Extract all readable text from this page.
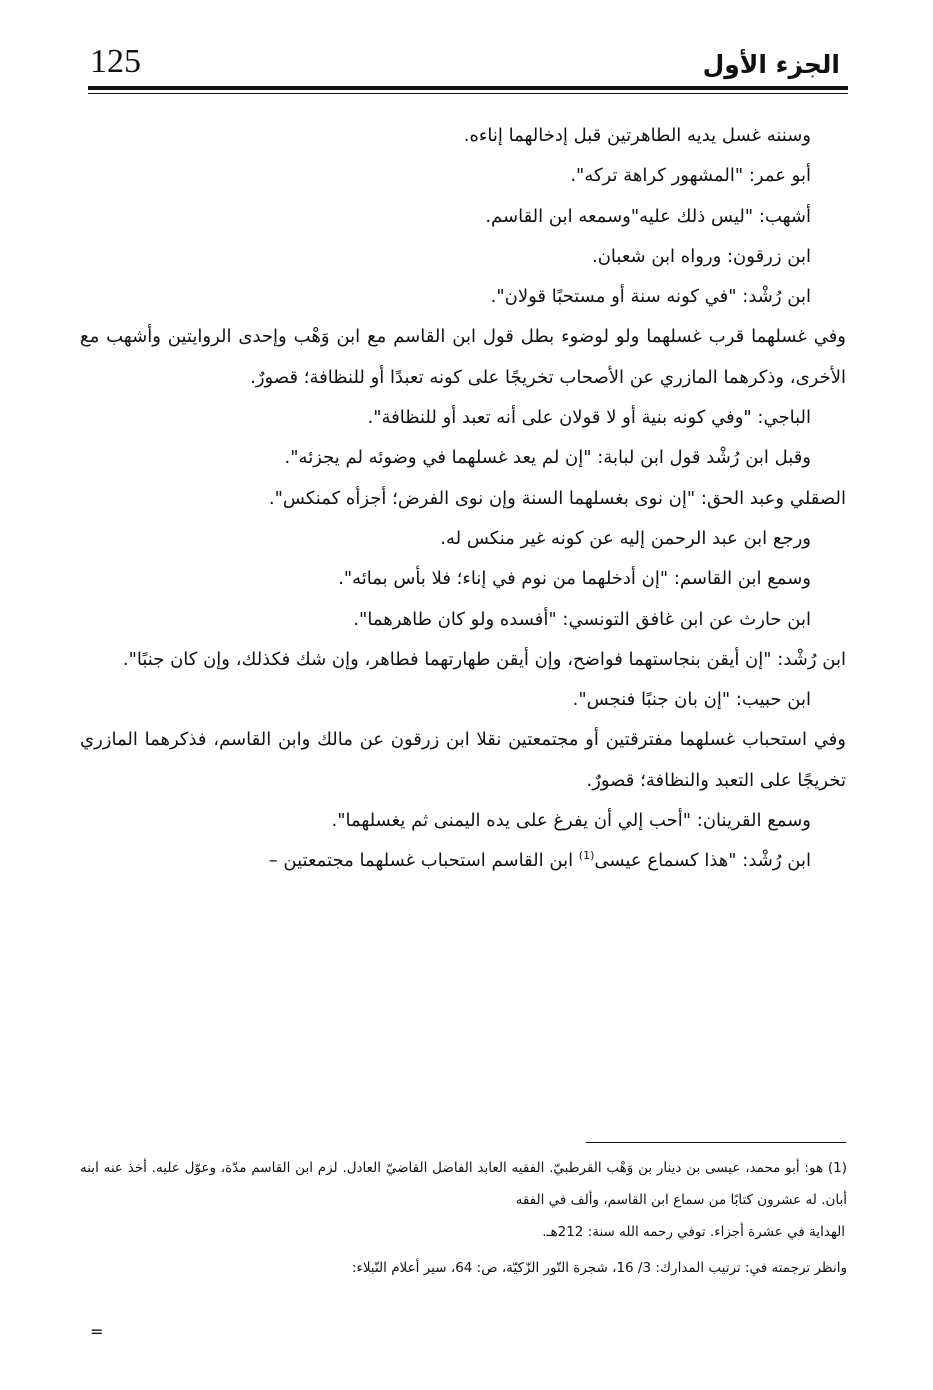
125	الجزء الأول

وسننه غسل يديه الطاهرتين قبل إدخالهما إناءه.

أبو عمر: "المشهور كراهة تركه".

أشهب: "ليس ذلك عليه"وسمعه ابن القاسم.

ابن زرقون: ورواه ابن شعبان.

ابن رُشْد: "في كونه سنة أو مستحبًا قولان".

وفي غسلهما قرب غسلهما ولو لوضوء بطل قول ابن القاسم مع ابن وَهْب وإحدى الروايتين وأشهب مع الأخرى، وذكرهما المازري عن الأصحاب تخريجًا على كونه تعبدًا أو للنظافة؛ قصورٌ.

الباجي: "وفي كونه بنية أو لا قولان على أنه تعبد أو للنظافة".

وقبل ابن رُشْد قول ابن لبابة: "إن لم يعد غسلهما في وضوئه لم يجزئه".

الصقلي وعبد الحق: "إن نوى بغسلهما السنة وإن نوى الفرض؛ أجزأه كمنكس".

ورجع ابن عبد الرحمن إليه عن كونه غير منكس له.

وسمع ابن القاسم: "إن أدخلهما من نوم في إناء؛ فلا بأس بمائه".

ابن حارث عن ابن غافق التونسي: "أفسده ولو كان طاهرهما".

ابن رُشْد: "إن أيقن بنجاستهما فواضح، وإن أيقن طهارتهما فطاهر، وإن شك فكذلك، وإن كان جنبًا".

ابن حبيب: "إن بان جنبًا فنجس".

وفي استحباب غسلهما مفترقتين أو مجتمعتين نقلا ابن زرقون عن مالك وابن القاسم، فذكرهما المازري تخريجًا على التعبد والنظافة؛ قصورٌ.

وسمع القرينان: "أحب إلي أن يفرغ على يده اليمنى ثم يغسلهما".

ابن رُشْد: "هذا كسماع عيسى$^{(1)}$ ابن القاسم استحباب غسلهما مجتمعتين –

(1) هو: أبو محمد، عيسى بن دينار بن وَهْب القرطبيّ. الفقيه العابد الفاضل القاضيّ العادل. لزم ابن القاسم مدّة، وعوّل عليه. أخذ عنه ابنه أبان. له عشرون كتابًا من سماع ابن القاسم، وألف في الفقه

الهداية في عشرة أجزاء. توفي رحمه الله سنة: 212هـ.

وانظر ترجمته في: ترتيب المدارك: 3/ 16، شجرة النّور الزّكيّة، ص: 64، سير أعلام النّبلاء:

=
